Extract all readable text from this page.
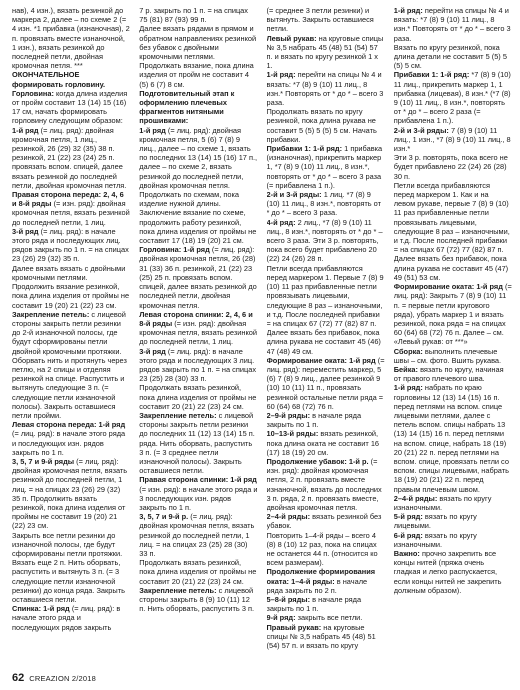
нав), 4 изн.), вязать резинкой до маркера 2, далее – по схеме 2 (= 4 изн. *1 прибавка (изнаночная), 2 п. провязать вместе изнаночной, 1 изн.), вязать резинкой до последней петли, двойная кромочная петля. ***

ОКОНЧАТЕЛЬНОЕ формировать горловину.

Горловина: когда длина изделия от пройм составит 13 (14) 15 (16) 17 см, начать формировать горловину следующим образом:

1-й ряд (= лиц. ряд): двойная кромочная петля, 1 лиц., резинкой, 26 (29) 32 (35) 38 п. резинкой, 21 (22) 23 (24) 25 п. провязать вспом. спицей, далее вязать резинкой до последней петли, двойная кромочная петля.

Правая сторона переда: 2, 4, 6 и 8-й ряды (= изн. ряд): двойная кромочная петля, вязать резинкой до последней петли, 1 лиц.

3-й ряд (= лиц. ряд): в начале этого ряда и последующих лиц. рядов закрыть по 1 п. = на спицах 23 (26) 29 (32) 35 п.

Далее вязать вязать с двойными кромочными петлями. Продолжить вязание резинкой, пока длина изделия от проймы не составит 19 (20) 21 (22) 23 см.

Закрепление петель: с лицевой стороны закрыть петли резинки до 2-й изнаночной полосы, где будут сформированы петли двойной кромочными протяжки. Оборвать нить и протянуть через петлю, на 2 спицы и отделяя резинкой на спице. Распустить и вытянуть следующие 3 п. (= следующие петли изнаночной полосы). Закрыть оставшиеся петли пройми.

Левая сторона переда: 1-й ряд (= лиц. ряд): в начале этого ряда и последующих изн. рядов закрыть по 1 п.

3, 5, 7 и 9-й ряды (= лиц. ряд): двойная кромочная петля, вязать резинкой до последней петли, 1 лиц. = на спицах 23 (26) 29 (32) 35 п. Продолжить вязать резинкой, пока длина изделия от проймы не составит 19 (20) 21 (22) 23 см.

Закрыть все петли резинки до изнаночной полосы, где будут сформированы петли протяжки. Вязать еще 2 п. Нить оборвать, распустить и вытянуть 3 п. (= 3 следующие петли изнаночной резинки) до конца ряда. Закрыть оставшиеся петли.

Спинка: 1-й ряд (= лиц. ряд): в начале этого ряда и последующих рядов закрыть

7 р. закрыть по 1 п. = на спицах 75 (81) 87 (93) 99 п.

Далее вязать рядами в прямом и обратном направлениях резинкой без убавок с двойными кромочными петлями.

Продолжать вязание, пока длина изделия от пройм не составит 4 (5) 6 (7) 8 см.

Подготовительный этап к оформлению плечевых фрагментов нитяными прошивками:

1-й ряд (= лиц. ряд): двойная кромочная петля, 5 (6) 7 (8) 9 лиц., далее – по схеме 1, вязать по последних 13 (14) 15 (16) 17 п., далее – по схеме 2, вязать резинкой до последней петли, двойная кромочная петля.

Продолжать по схемам, пока изделие нужной длины.

Заключение вязание по схеме, продолжить работу резинкой, пока длина изделия от проймы не составит 17 (18) 19 (20) 21 см.

Горловина: 1-й ряд (= лиц. ряд): двойная кромочная петля, 26 (28) 31 (33) 36 п. резинкой, 21 (22) 23 (25) 25 п. провязать вспом. спицей, далее вязать резинкой до последней петли, двойная кромочная петля.

Левая сторона спинки: 2, 4, 6 и 8-й ряды (= изн. ряд): двойная кромочная петля, вязать резинкой до последней петли, 1 лиц.

3-й ряд (= лиц. ряд): в начале этого ряда и последующих 3 лиц. рядов закрыть по 1 п. = на спицах 23 (25) 28 (30) 33 п.

Продолжать вязать резинкой, пока длина изделия от проймы не составит 20 (21) 22 (23) 24 см.

Закрепление петель: с лицевой стороны закрыть петли резинки до последних 11 (12) 13 (14) 15 п. ряда. Нить оборвать, распустить 3 п. (= 3 среднее петли изнаночной полосы). Закрыть оставшиеся петли.

Правая сторона спинки: 1-й ряд (= изн. ряд): в начале этого ряда и 3 последующих изн. рядов закрыть по 1 п.

3, 5, 7 и 9-й р. (= лиц. ряд): двойная кромочная петля, вязать резинкой до последней петли, 1 лиц. = на спицах 23 (25) 28 (30) 33 п.

Продолжать вязать резинкой, пока длина изделия от проймы не составит 20 (21) 22 (23) 24 см.

Закрепление петель: с лицевой стороны закрыть 8 (9) 10 (11) 12 п. Нить оборвать, распустить 3 п.

(= среднее 3 петли резинки) и вытянуть. Закрыть оставшиеся петли.

Левый рукав: на круговые спицы № 3,5 набрать 45 (48) 51 (54) 57 п. и вязать по кругу резинкой 1 х 1.

1-й ряд: перейти на спицы № 4 и вязать: *7 (8) 9 (10) 11 лиц., 8 изн.* Повторять от * до * – всего 3 раза.

Продолжать вязать по кругу резинкой, пока длина рукава не составит 5 (5) 5 (5) 5 см. Начать прибавки.

Прибавки 1: 1-й ряд: 1 прибавка (изнаночная), прикрепить маркер 1, *7 (8) 9 (10) 11 лиц., 8 изн.*, повторять от * до * – всего 3 раза (= прибавлена 1 п.).

2-й и 3-й ряды: 1 лиц. *7 (8) 9 (10) 11 лиц., 8 изн.*, повторять от * до * – всего 3 раза.

4-й ряд: 2 лиц., *7 (8) 9 (10) 11 лиц., 8 изн.*, повторять от * до * – всего 3 раза. Эти 3 р. повторять, пока всего будет прибавлено 20 (22) 24 (26) 28 п.

Петли всегда прибавляются перед маркером 1. Первые 7 (8) 9 (10) 11 раз прибавленные петли провязывать лицевыми, следующие 8 раз – изнаночными, и т.д. После последней прибавки = на спицах 67 (72) 77 (82) 87 п.

Далее вязать без прибавок, пока длина рукава не составит 45 (46) 47 (48) 49 см.

Формирование оката: 1-й ряд (= лиц. ряд): переместить маркер, 5 (6) 7 (8) 9 лиц., далее резинкой 9 (10) 10 (11) 11 п., провязать резинкой остальные петли ряда = 60 (64) 68 (72) 76 п.

2–9-й ряды: в начале ряда закрыть по 1 п.

10–13-й ряды: вязать резинкой, пока длина оката не составит 16 (17) 18 (19) 20 см.

Продолжение убавок: 1-й р. (= изн. ряд): двойная кромочная петля, 2 п. провязать вместе изнаночной, вязать до последних 3 п. ряда, 2 п. провязать вместе, двойная кромочная петля.

2–4-й ряды: вязать резинкой без убавок.

Повторить 1–4-й ряды – всего 4 (8) 8 (10) 12 раз, пока на спицах не останется 44 п. (относится ко всем размерам).

Продолжение формирования оката: 1–4-й ряды: в начале ряда закрыть по 2 п.

5–8-й ряды: в начале ряда закрыть по 1 п.

9-й ряд: закрыть все петли.

Правый рукав: на круговые спицы № 3,5 набрать 45 (48) 51 (54) 57 п. и вязать по кругу

1-й ряд: перейти на спицы № 4 и вязать: *7 (8) 9 (10) 11 лиц., 8 изн.* Повторять от * до * – всего 3 раза.

Вязать по кругу резинкой, пока длина детали не составит 5 (5) 5 (5) 5 см.

Прибавки 1: 1-й ряд: *7 (8) 9 (10) 11 лиц., прикрепить маркер 1, 1 прибавка (лицевая), 8 изн.* (*7 (8) 9 (10) 11 лиц., 8 изн.*, повторять от * до * – всего 2 раза (= прибавлена 1 п.).

2-й и 3-й ряды: 7 (8) 9 (10) 11 лиц., 1 изн., *7 (8) 9 (10) 11 лиц., 8 изн.*

Эти 3 р. повторять, пока всего не будет прибавлено 22 (24) 26 (28) 30 п.

Петли всегда прибавляются перед маркером 1. Как и на левом рукаве, первые 7 (8) 9 (10) 11 раз прибавленные петли провязывать лицевыми, следующие 8 раз – изнаночными, и т.д. После последней прибавки = на спицах 67 (72) 77 (82) 87 п.

Далее вязать без прибавок, пока длина рукава не составит 45 (47) 49 (51) 53 см.

Формирование оката: 1-й ряд (= лиц. ряд): Закрыть 7 (8) 9 (10) 11 п. = первые петли кругового ряда), убрать маркер 1 и вязать резинкой, пока ряда = на спицах 60 (64) 68 (72) 76 п. Далее – см. «Левый рукав: от ***»

Сборка: выполнить плечевые швы – см. фото. Вшить рукава.

Бейка: вязать по кругу, начиная от правого плечевого шва.

1-й ряд: набрать по краю горловины 12 (13) 14 (15) 16 п. перед петлями на вспом. спице лицевыми петлями, далее с петель вспом. спицы набрать 13 (13) 14 (15) 16 п. перед петлями на вспом. спице, набрать 18 (19) 20 (21) 22 п. перед петлями на вспом. спице, провязать петли со вспом. спицы лицевыми, набрать 18 (19) 20 (21) 22 п. перед правым плечевым швом.

2–4-й ряды: вязать по кругу изнаночными.

5-й ряд: вязать по кругу лицевыми.

6-й ряд: вязать по кругу изнаночными.

Важно: прочно закрепить все концы нитей (пряжа очень гладкая и легко распускается, если концы нитей не закрепить должным образом).

62 CREAZION 2/2018
